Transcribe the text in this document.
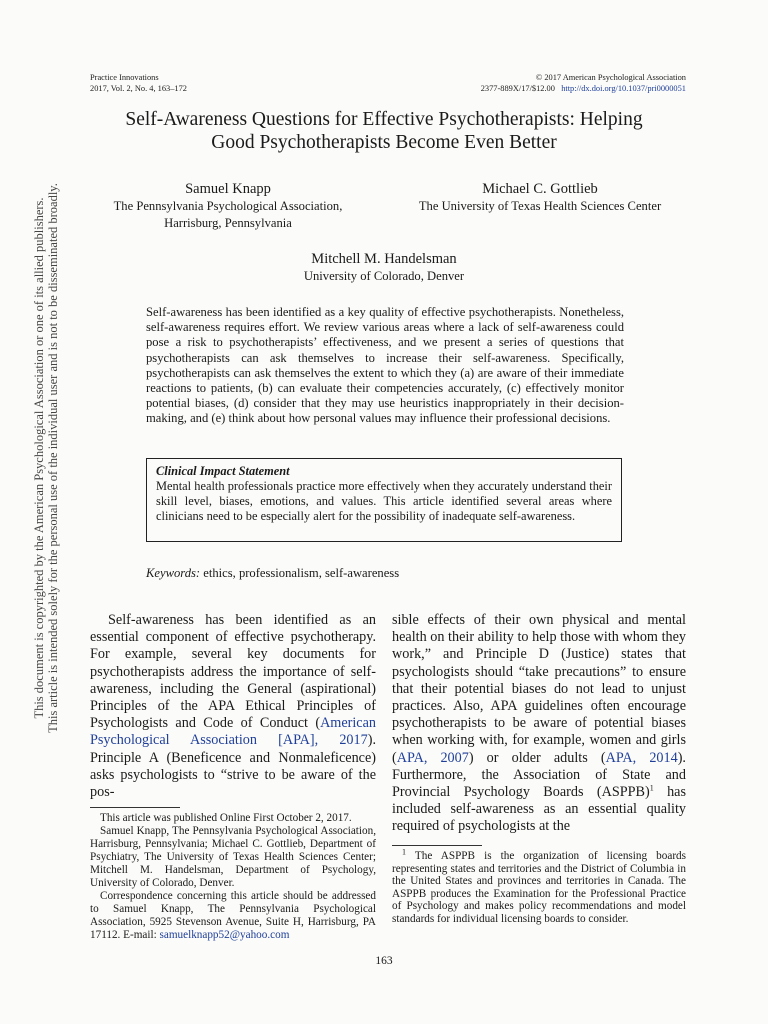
This document is copyrighted by the American Psychological Association or one of its allied publishers. This article is intended solely for the personal use of the individual user and is not to be disseminated broadly.
Practice Innovations
2017, Vol. 2, No. 4, 163–172
© 2017 American Psychological Association
2377-889X/17/$12.00 http://dx.doi.org/10.1037/pri0000051
Self-Awareness Questions for Effective Psychotherapists: Helping
Good Psychotherapists Become Even Better
Samuel Knapp
The Pennsylvania Psychological Association,
Harrisburg, Pennsylvania
Michael C. Gottlieb
The University of Texas Health Sciences Center
Mitchell M. Handelsman
University of Colorado, Denver
Self-awareness has been identified as a key quality of effective psychotherapists. Nonetheless, self-awareness requires effort. We review various areas where a lack of self-awareness could pose a risk to psychotherapists’ effectiveness, and we present a series of questions that psychotherapists can ask themselves to increase their self-awareness. Specifically, psychotherapists can ask themselves the extent to which they (a) are aware of their immediate reactions to patients, (b) can evaluate their competencies accurately, (c) effectively monitor potential biases, (d) consider that they may use heuristics inappropriately in their decision-making, and (e) think about how personal values may influence their professional decisions.
Clinical Impact Statement
Mental health professionals practice more effectively when they accurately understand their skill level, biases, emotions, and values. This article identified several areas where clinicians need to be especially alert for the possibility of inadequate self-awareness.
Keywords: ethics, professionalism, self-awareness
Self-awareness has been identified as an essential component of effective psychotherapy. For example, several key documents for psychotherapists address the importance of self-awareness, including the General (aspirational) Principles of the APA Ethical Principles of Psychologists and Code of Conduct (American Psychological Association [APA], 2017). Principle A (Beneficence and Nonmaleficence) asks psychologists to “strive to be aware of the pos-
sible effects of their own physical and mental health on their ability to help those with whom they work,” and Principle D (Justice) states that psychologists should “take precautions” to ensure that their potential biases do not lead to unjust practices. Also, APA guidelines often encourage psychotherapists to be aware of potential biases when working with, for example, women and girls (APA, 2007) or older adults (APA, 2014). Furthermore, the Association of State and Provincial Psychology Boards (ASPPB)$^1$ has included self-awareness as an essential quality required of psychologists at the

This article was published Online First October 2, 2017.

Samuel Knapp, The Pennsylvania Psychological Association, Harrisburg, Pennsylvania; Michael C. Gottlieb, Department of Psychiatry, The University of Texas Health Sciences Center; Mitchell M. Handelsman, Department of Psychology, University of Colorado, Denver.

Correspondence concerning this article should be addressed to Samuel Knapp, The Pennsylvania Psychological Association, 5925 Stevenson Avenue, Suite H, Harrisburg, PA 17112. E-mail: samuelknapp52@yahoo.com

$^1$ The ASPPB is the organization of licensing boards representing states and territories and the District of Columbia in the United States and provinces and territories in Canada. The ASPPB produces the Examination for the Professional Practice of Psychology and makes policy recommendations and model standards for individual licensing boards to consider.

163
